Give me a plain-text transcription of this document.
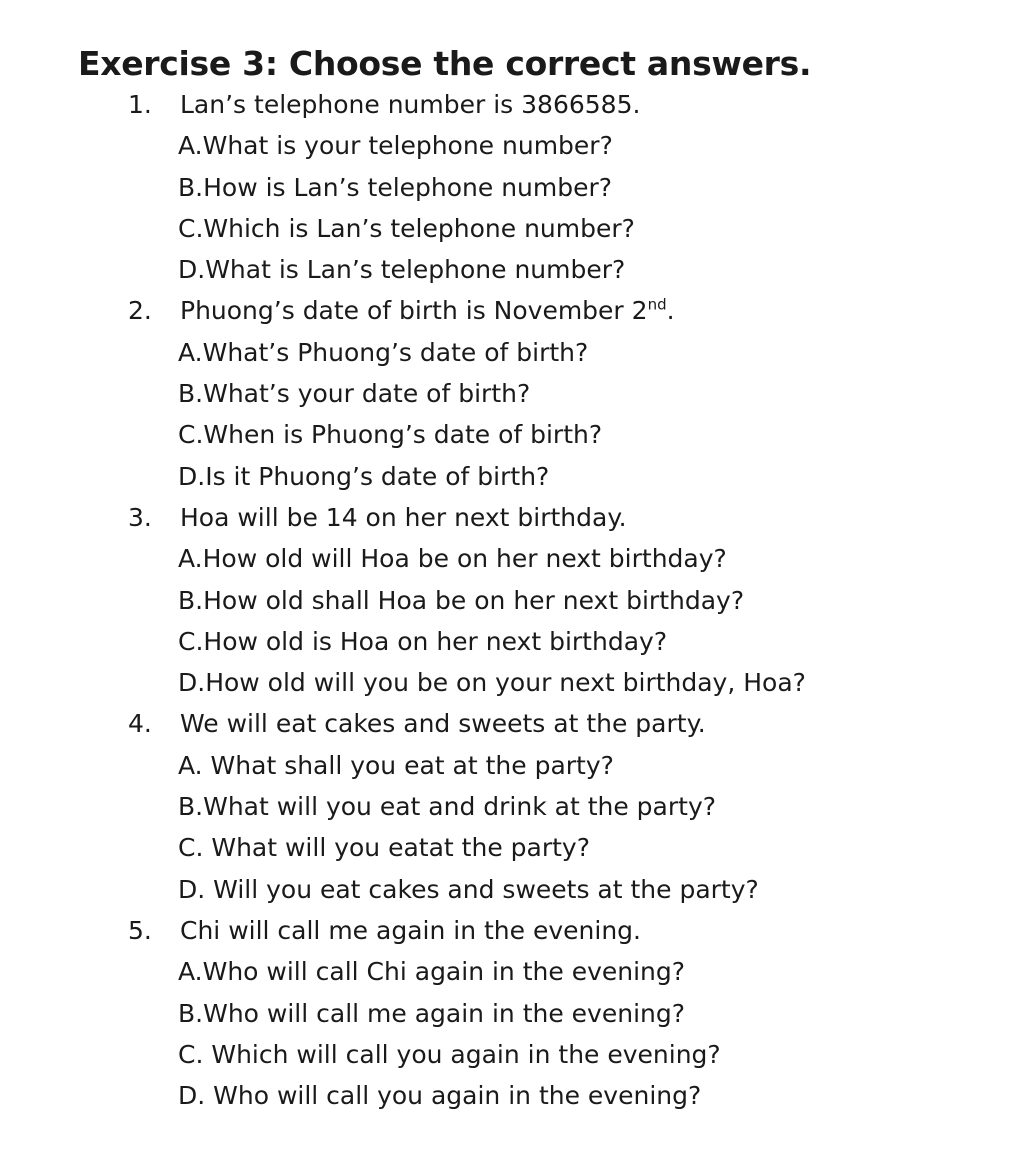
Exercise 3: Choose the correct answers.
1. Lan’s telephone number is 3866585.
A.What is your telephone number?
B.How is Lan’s telephone number?
C.Which is Lan’s telephone number?
D.What is Lan’s telephone number?
2. Phuong’s date of birth is November 2nd.
A.What’s Phuong’s date of birth?
B.What’s your date of birth?
C.When is Phuong’s date of birth?
D.Is it Phuong’s date of birth?
3. Hoa will be 14 on her next birthday.
A.How old will Hoa be on her next birthday?
B.How old shall Hoa be on her next birthday?
C.How old is Hoa on her next birthday?
D.How old will you be on your next birthday, Hoa?
4. We will eat cakes and sweets at the party.
A. What shall you eat at the party?
B.What will you eat and drink at the party?
C. What will you eatat the party?
D. Will you eat cakes and sweets at the party?
5. Chi will call me again in the evening.
A.Who will call Chi again in the evening?
B.Who will call me again in the evening?
C. Which will call you again in the evening?
D. Who will call you again in the evening?
